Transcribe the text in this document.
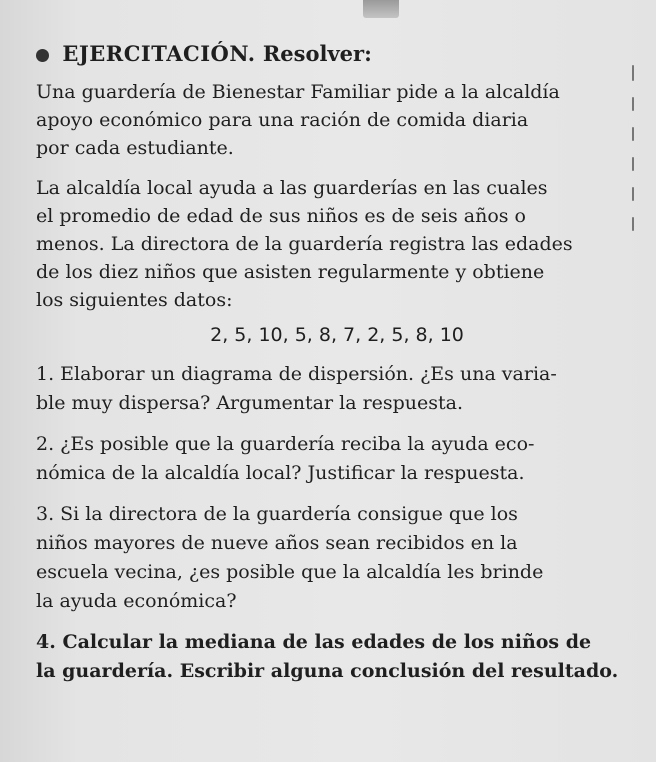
EJERCITACIÓN. Resolver:

Una guardería de Bienestar Familiar pide a la alcaldía
apoyo económico para una ración de comida diaria
por cada estudiante.

La alcaldía local ayuda a las guarderías en las cuales
el promedio de edad de sus niños es de seis años o
menos. La directora de la guardería registra las edades
de los diez niños que asisten regularmente y obtiene
los siguientes datos:

2, 5, 10, 5, 8, 7, 2, 5, 8, 10

1. Elaborar un diagrama de dispersión. ¿Es una varia-
ble muy dispersa? Argumentar la respuesta.
2. ¿Es posible que la guardería reciba la ayuda eco-
nómica de la alcaldía local? Justificar la respuesta.
3. Si la directora de la guardería consigue que los
niños mayores de nueve años sean recibidos en la
escuela vecina, ¿es posible que la alcaldía les brinde
la ayuda económica?
4. Calcular la mediana de las edades de los niños de
la guardería. Escribir alguna conclusión del resultado.
